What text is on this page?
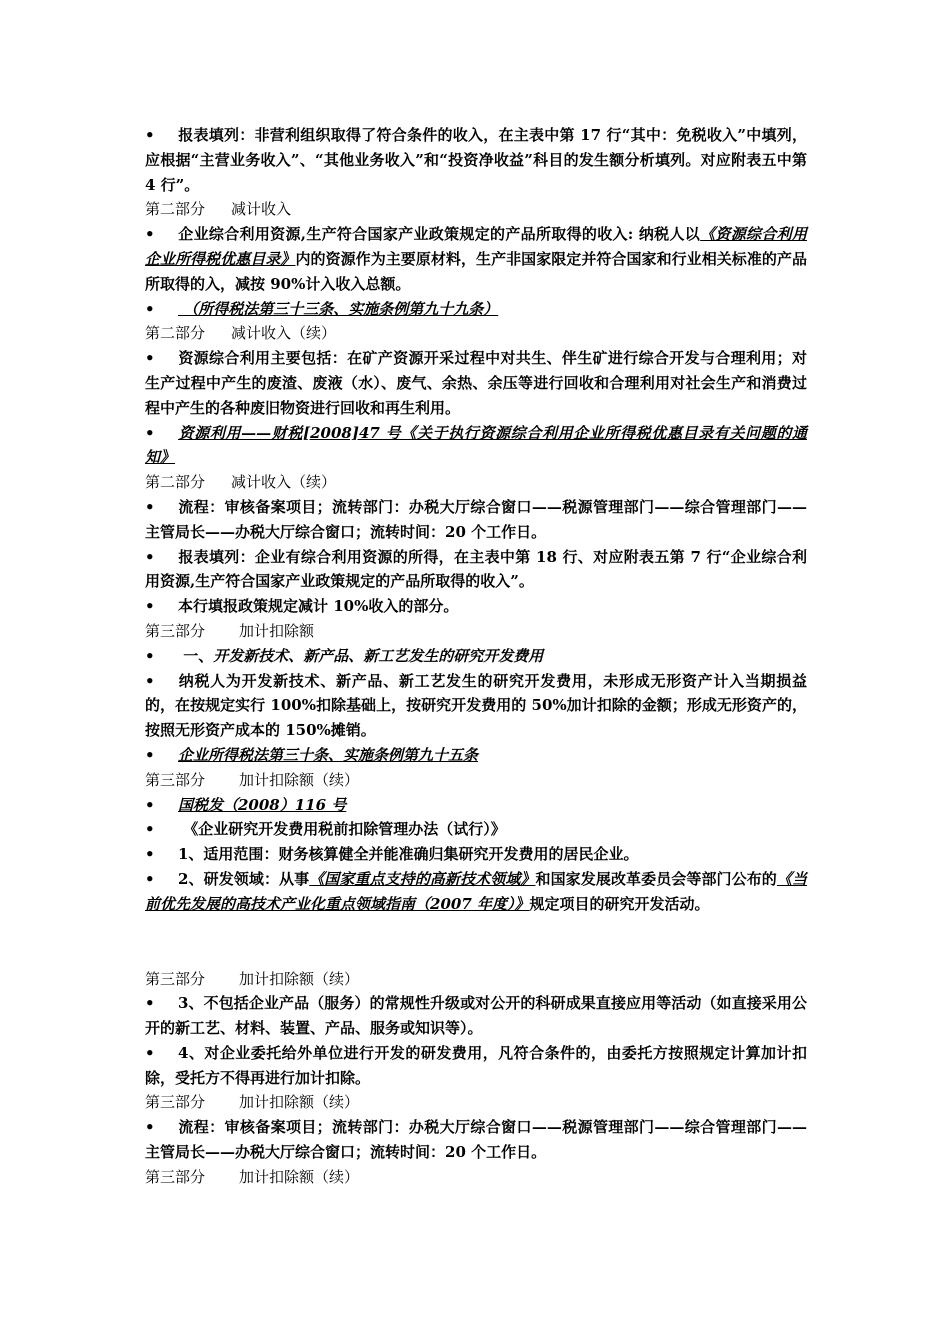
• 报表填列：非营利组织取得了符合条件的收入，在主表中第 17 行“其中：免税收入”中填列，应根据“主营业务收入”、“其他业务收入”和“投资净收益”科目的发生额分析填列。对应附表五中第 4 行”。

第二部分 减计收入

• 企业综合利用资源,生产符合国家产业政策规定的产品所取得的收入: 纳税人以《资源综合利用企业所得税优惠目录》内的资源作为主要原材料，生产非国家限定并符合国家和行业相关标准的产品所取得的入，减按 90%计入收入总额。

• （所得税法第三十三条、实施条例第九十九条）

第二部分 减计收入（续）

• 资源综合利用主要包括：在矿产资源开采过程中对共生、伴生矿进行综合开发与合理利用；对生产过程中产生的废渣、废液（水）、废气、余热、余压等进行回收和合理利用对社会生产和消费过程中产生的各种废旧物资进行回收和再生利用。

• 资源利用——财税[2008]47 号《关于执行资源综合利用企业所得税优惠目录有关问题的通知》

第二部分 减计收入（续）

• 流程：审核备案项目；流转部门：办税大厅综合窗口——税源管理部门——综合管理部门——主管局长——办税大厅综合窗口；流转时间：20 个工作日。

• 报表填列：企业有综合利用资源的所得，在主表中第 18 行、对应附表五第 7 行“企业综合利用资源,生产符合国家产业政策规定的产品所取得的收入”。

• 本行填报政策规定减计 10%收入的部分。

第三部分 加计扣除额

• 一、开发新技术、新产品、新工艺发生的研究开发费用

• 纳税人为开发新技术、新产品、新工艺发生的研究开发费用，未形成无形资产计入当期损益的，在按规定实行 100%扣除基础上，按研究开发费用的 50%加计扣除的金额；形成无形资产的，按照无形资产成本的 150%摊销。

• 企业所得税法第三十条、实施条例第九十五条

第三部分 加计扣除额（续）

• 国税发（2008）116 号

• 《企业研究开发费用税前扣除管理办法（试行）》

• 1、适用范围：财务核算健全并能准确归集研究开发费用的居民企业。

• 2、研发领域：从事《国家重点支持的高新技术领域》和国家发展改革委员会等部门公布的《当前优先发展的高技术产业化重点领域指南（2007 年度）》规定项目的研究开发活动。

第三部分 加计扣除额（续）

• 3、不包括企业产品（服务）的常规性升级或对公开的科研成果直接应用等活动（如直接采用公开的新工艺、材料、装置、产品、服务或知识等）。

• 4、对企业委托给外单位进行开发的研发费用，凡符合条件的，由委托方按照规定计算加计扣除，受托方不得再进行加计扣除。

第三部分 加计扣除额（续）

• 流程：审核备案项目；流转部门：办税大厅综合窗口——税源管理部门——综合管理部门——主管局长——办税大厅综合窗口；流转时间：20 个工作日。

第三部分 加计扣除额（续）
